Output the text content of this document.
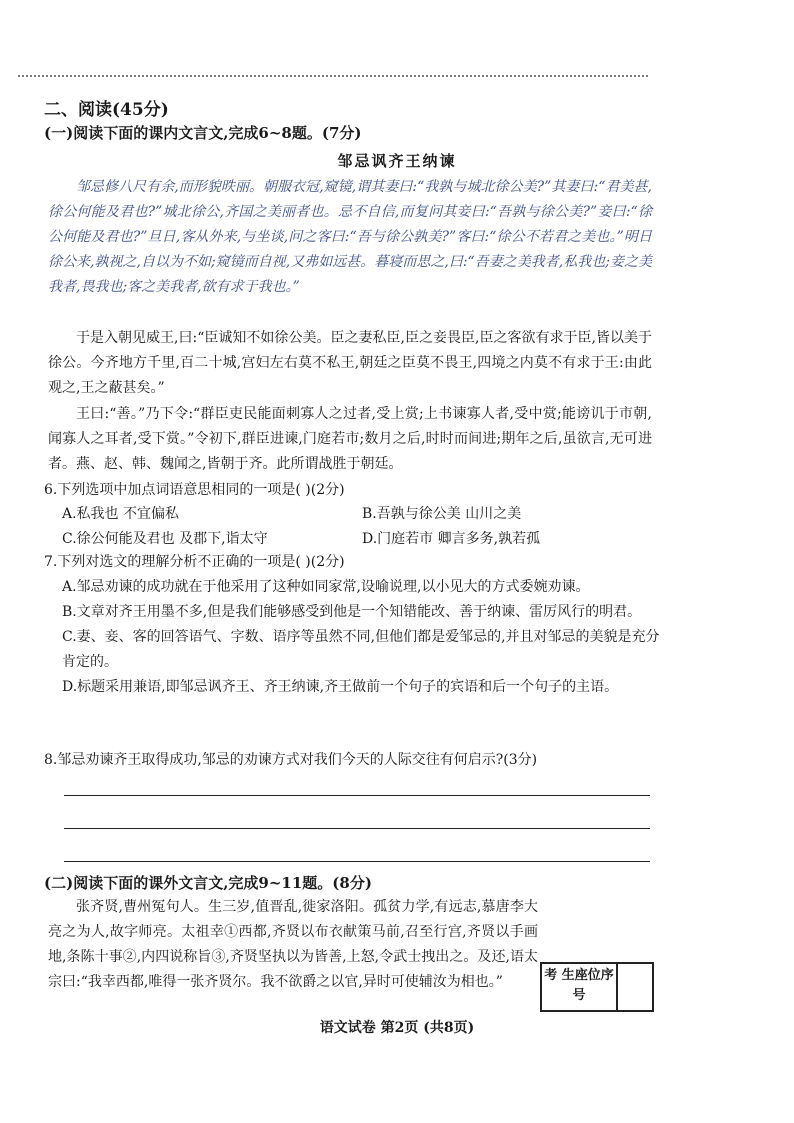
二、阅读(45分)
(一)阅读下面的课内文言文,完成6~8题。(7分)
邹忌讽齐王纳谏
邹忌修八尺有余,而形貌昳丽。朝服衣冠,窥镜,谓其妻曰:“我孰与城北徐公美?”其妻曰:“君美甚,徐公何能及君也?”城北徐公,齐国之美丽者也。忌不自信,而复问其妾曰:“吾孰与徐公美?”妾曰:“徐公何能及君也?”旦日,客从外来,与坐谈,问之客曰:“吾与徐公孰美?”客曰:“徐公不若君之美也。”明日徐公来,孰视之,自以为不如;窥镜而自视,又弗如远甚。暮寝而思之,曰:“吾妻之美我者,私我也;妾之美我者,畏我也;客之美我者,欲有求于我也。”
于是入朝见威王,曰:“臣诚知不如徐公美。臣之妻私臣,臣之妾畏臣,臣之客欲有求于臣,皆以美于徐公。今齐地方千里,百二十城,宫妇左右莫不私王,朝廷之臣莫不畏王,四境之内莫不有求于王:由此观之,王之蔽甚矣。”
王曰:“善。”乃下令:“群臣吏民能面刺寡人之过者,受上赏;上书谏寡人者,受中赏;能谤讥于市朝,闻寡人之耳者,受下赏。”令初下,群臣进谏,门庭若市;数月之后,时时而间进;期年之后,虽欲言,无可进者。燕、赵、韩、魏闻之,皆朝于齐。此所谓战胜于朝廷。
6.下列选项中加点词语意思相同的一项是( )(2分)
A.私我也 不宜偏私	B.吾孰与徐公美 山川之美
C.徐公何能及君也 及郡下,诣太守	D.门庭若市 卿言多务,孰若孤
7.下列对选文的理解分析不正确的一项是( )(2分)
A.邹忌劝谏的成功就在于他采用了这种如同家常,设喻说理,以小见大的方式委婉劝谏。
B.文章对齐王用墨不多,但是我们能够感受到他是一个知错能改、善于纳谏、雷厉风行的明君。
C.妻、妾、客的回答语气、字数、语序等虽然不同,但他们都是爱邹忌的,并且对邹忌的美貌是充分肯定的。
D.标题采用兼语,即邹忌讽齐王、齐王纳谏,齐王做前一个句子的宾语和后一个句子的主语。
8.邹忌劝谏齐王取得成功,邹忌的劝谏方式对我们今天的人际交往有何启示?(3分)
(二)阅读下面的课外文言文,完成9~11题。(8分)
张齐贤,曹州冤句人。生三岁,值晋乱,徙家洛阳。孤贫力学,有远志,慕唐李大亮之为人,故字师亮。太祖幸①西都,齐贤以布衣献策马前,召至行宫,齐贤以手画地,条陈十事②,内四说称旨③,齐贤坚执以为皆善,上怒,令武士拽出之。及还,语太宗曰:“我幸西都,唯得一张齐贤尔。我不欲爵之以官,异时可使辅汝为相也。”	考 生座位序号
语文试卷 第2页 (共8页)
